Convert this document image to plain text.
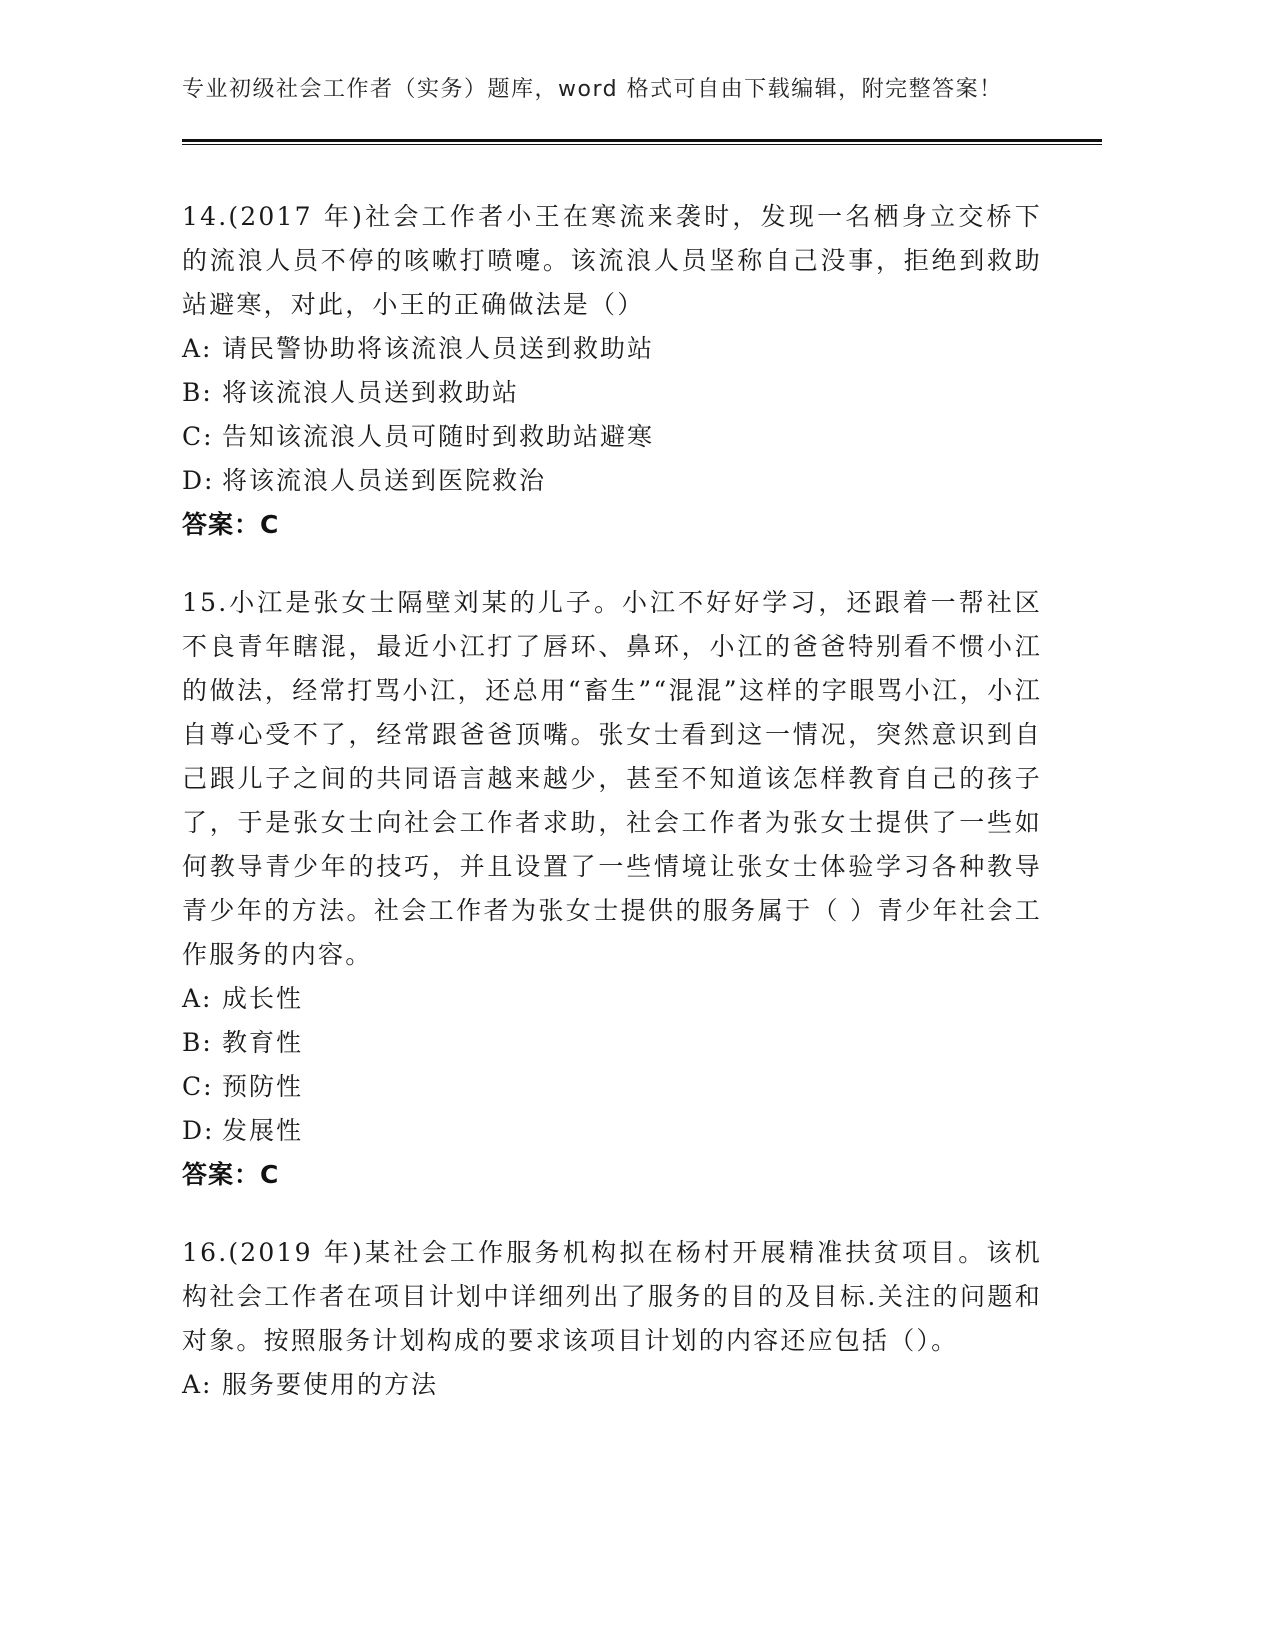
专业初级社会工作者（实务）题库，word 格式可自由下载编辑，附完整答案！

14.(2017 年)社会工作者小王在寒流来袭时，发现一名栖身立交桥下的流浪人员不停的咳嗽打喷嚏。该流浪人员坚称自己没事，拒绝到救助站避寒，对此，小王的正确做法是（）

A: 请民警协助将该流浪人员送到救助站

B: 将该流浪人员送到救助站

C: 告知该流浪人员可随时到救助站避寒

D: 将该流浪人员送到医院救治

答案：C

15.小江是张女士隔壁刘某的儿子。小江不好好学习，还跟着一帮社区不良青年瞎混，最近小江打了唇环、鼻环，小江的爸爸特别看不惯小江的做法，经常打骂小江，还总用“畜生”“混混”这样的字眼骂小江，小江自尊心受不了，经常跟爸爸顶嘴。张女士看到这一情况，突然意识到自己跟儿子之间的共同语言越来越少，甚至不知道该怎样教育自己的孩子了，于是张女士向社会工作者求助，社会工作者为张女士提供了一些如何教导青少年的技巧，并且设置了一些情境让张女士体验学习各种教导青少年的方法。社会工作者为张女士提供的服务属于（ ）青少年社会工作服务的内容。

A: 成长性

B: 教育性

C: 预防性

D: 发展性

答案：C

16.(2019 年)某社会工作服务机构拟在杨村开展精准扶贫项目。该机构社会工作者在项目计划中详细列出了服务的目的及目标.关注的问题和对象。按照服务计划构成的要求该项目计划的内容还应包括（）。

A: 服务要使用的方法
